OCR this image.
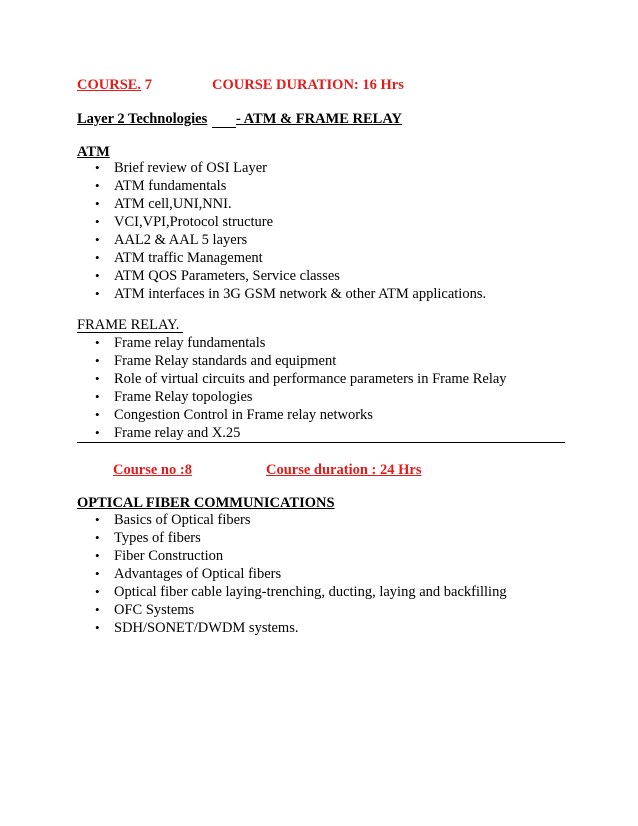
COURSE. 7	COURSE DURATION: 16 Hrs
Layer 2 Technologies - ATM & FRAME RELAY
ATM
• Brief review of OSI Layer
• ATM fundamentals
• ATM cell,UNI,NNI.
• VCI,VPI,Protocol structure
• AAL2 & AAL 5 layers
• ATM traffic Management
• ATM QOS Parameters, Service classes
• ATM interfaces in 3G GSM network & other ATM applications.
FRAME RELAY.
• Frame relay fundamentals
• Frame Relay standards and equipment
• Role of virtual circuits and performance parameters in Frame Relay
• Frame Relay topologies
• Congestion Control in Frame relay networks
• Frame relay and X.25
Course no :8	Course duration : 24 Hrs
OPTICAL FIBER COMMUNICATIONS
• Basics of Optical fibers
• Types of fibers
• Fiber Construction
• Advantages of Optical fibers
• Optical fiber cable laying-trenching, ducting, laying and backfilling
• OFC Systems
• SDH/SONET/DWDM systems.
